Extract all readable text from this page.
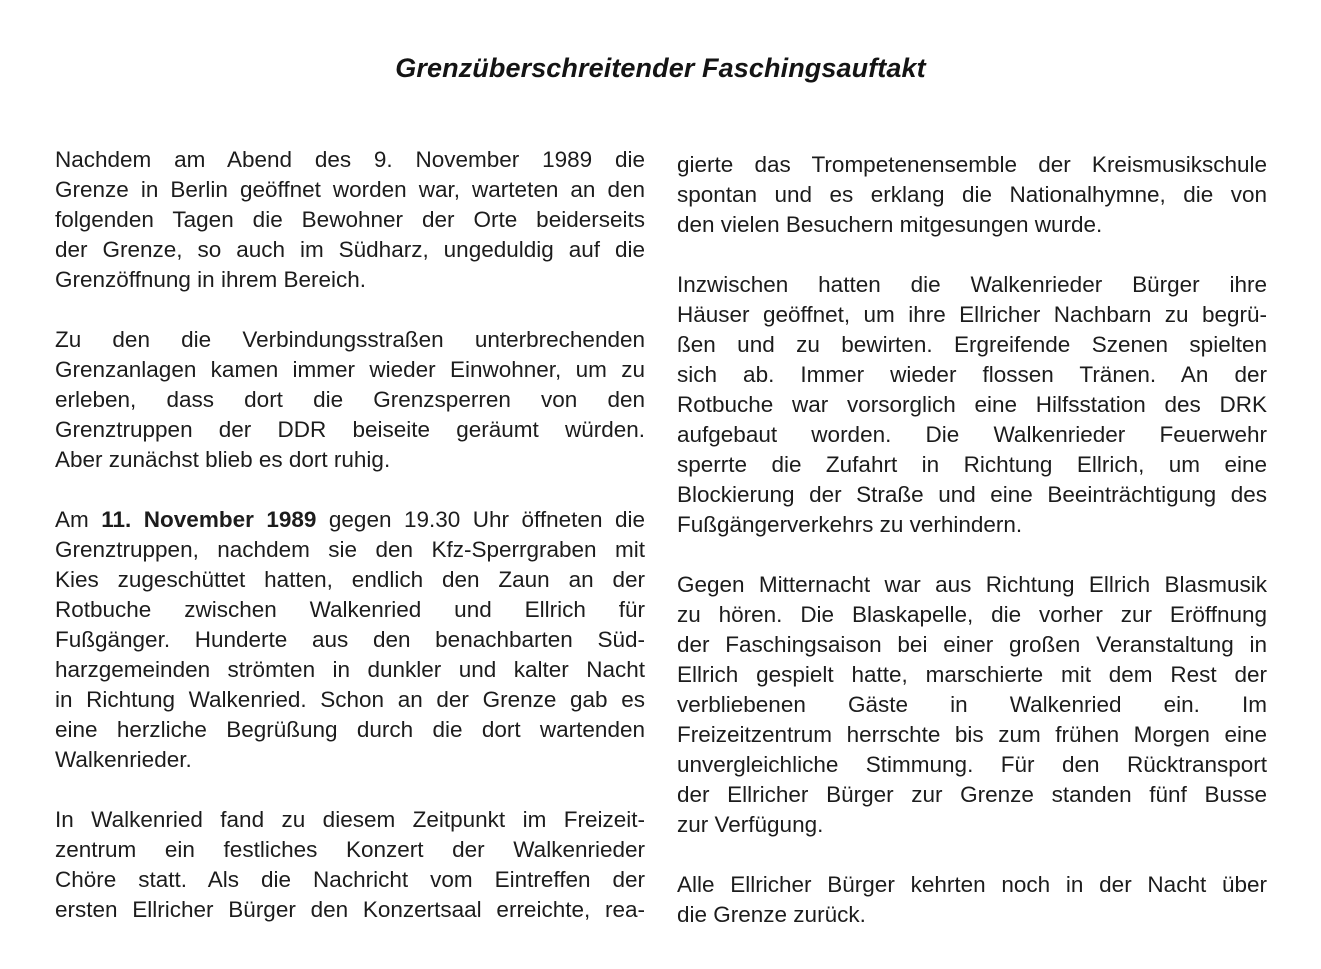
Grenzüberschreitender Faschingsauftakt
Nachdem am Abend des 9. November 1989 die
Grenze in Berlin geöffnet worden war, warteten an den
folgenden Tagen die Bewohner der Orte beiderseits
der Grenze, so auch im Südharz, ungeduldig auf die
Grenzöffnung in ihrem Bereich.
Zu den die Verbindungsstraßen unterbrechenden
Grenzanlagen kamen immer wieder Einwohner, um zu
erleben, dass dort die Grenzsperren von den
Grenztruppen der DDR beiseite geräumt würden.
Aber zunächst blieb es dort ruhig.
Am 11. November 1989 gegen 19.30 Uhr öffneten die
Grenztruppen, nachdem sie den Kfz-Sperrgraben mit
Kies zugeschüttet hatten, endlich den Zaun an der
Rotbuche zwischen Walkenried und Ellrich für
Fußgänger. Hunderte aus den benachbarten Süd-
harzgemeinden strömten in dunkler und kalter Nacht
in Richtung Walkenried. Schon an der Grenze gab es
eine herzliche Begrüßung durch die dort wartenden
Walkenrieder.
In Walkenried fand zu diesem Zeitpunkt im Freizeit-
zentrum ein festliches Konzert der Walkenrieder
Chöre statt. Als die Nachricht vom Eintreffen der
ersten Ellricher Bürger den Konzertsaal erreichte, rea-
gierte das Trompetenensemble der Kreismusikschule
spontan und es erklang die Nationalhymne, die von
den vielen Besuchern mitgesungen wurde.
Inzwischen hatten die Walkenrieder Bürger ihre
Häuser geöffnet, um ihre Ellricher Nachbarn zu begrü-
ßen und zu bewirten. Ergreifende Szenen spielten
sich ab. Immer wieder flossen Tränen. An der
Rotbuche war vorsorglich eine Hilfsstation des DRK
aufgebaut worden. Die Walkenrieder Feuerwehr
sperrte die Zufahrt in Richtung Ellrich, um eine
Blockierung der Straße und eine Beeinträchtigung des
Fußgängerverkehrs zu verhindern.
Gegen Mitternacht war aus Richtung Ellrich Blasmusik
zu hören. Die Blaskapelle, die vorher zur Eröffnung
der Faschingsaison bei einer großen Veranstaltung in
Ellrich gespielt hatte, marschierte mit dem Rest der
verbliebenen Gäste in Walkenried ein. Im
Freizeitzentrum herrschte bis zum frühen Morgen eine
unvergleichliche Stimmung. Für den Rücktransport
der Ellricher Bürger zur Grenze standen fünf Busse
zur Verfügung.
Alle Ellricher Bürger kehrten noch in der Nacht über
die Grenze zurück.
